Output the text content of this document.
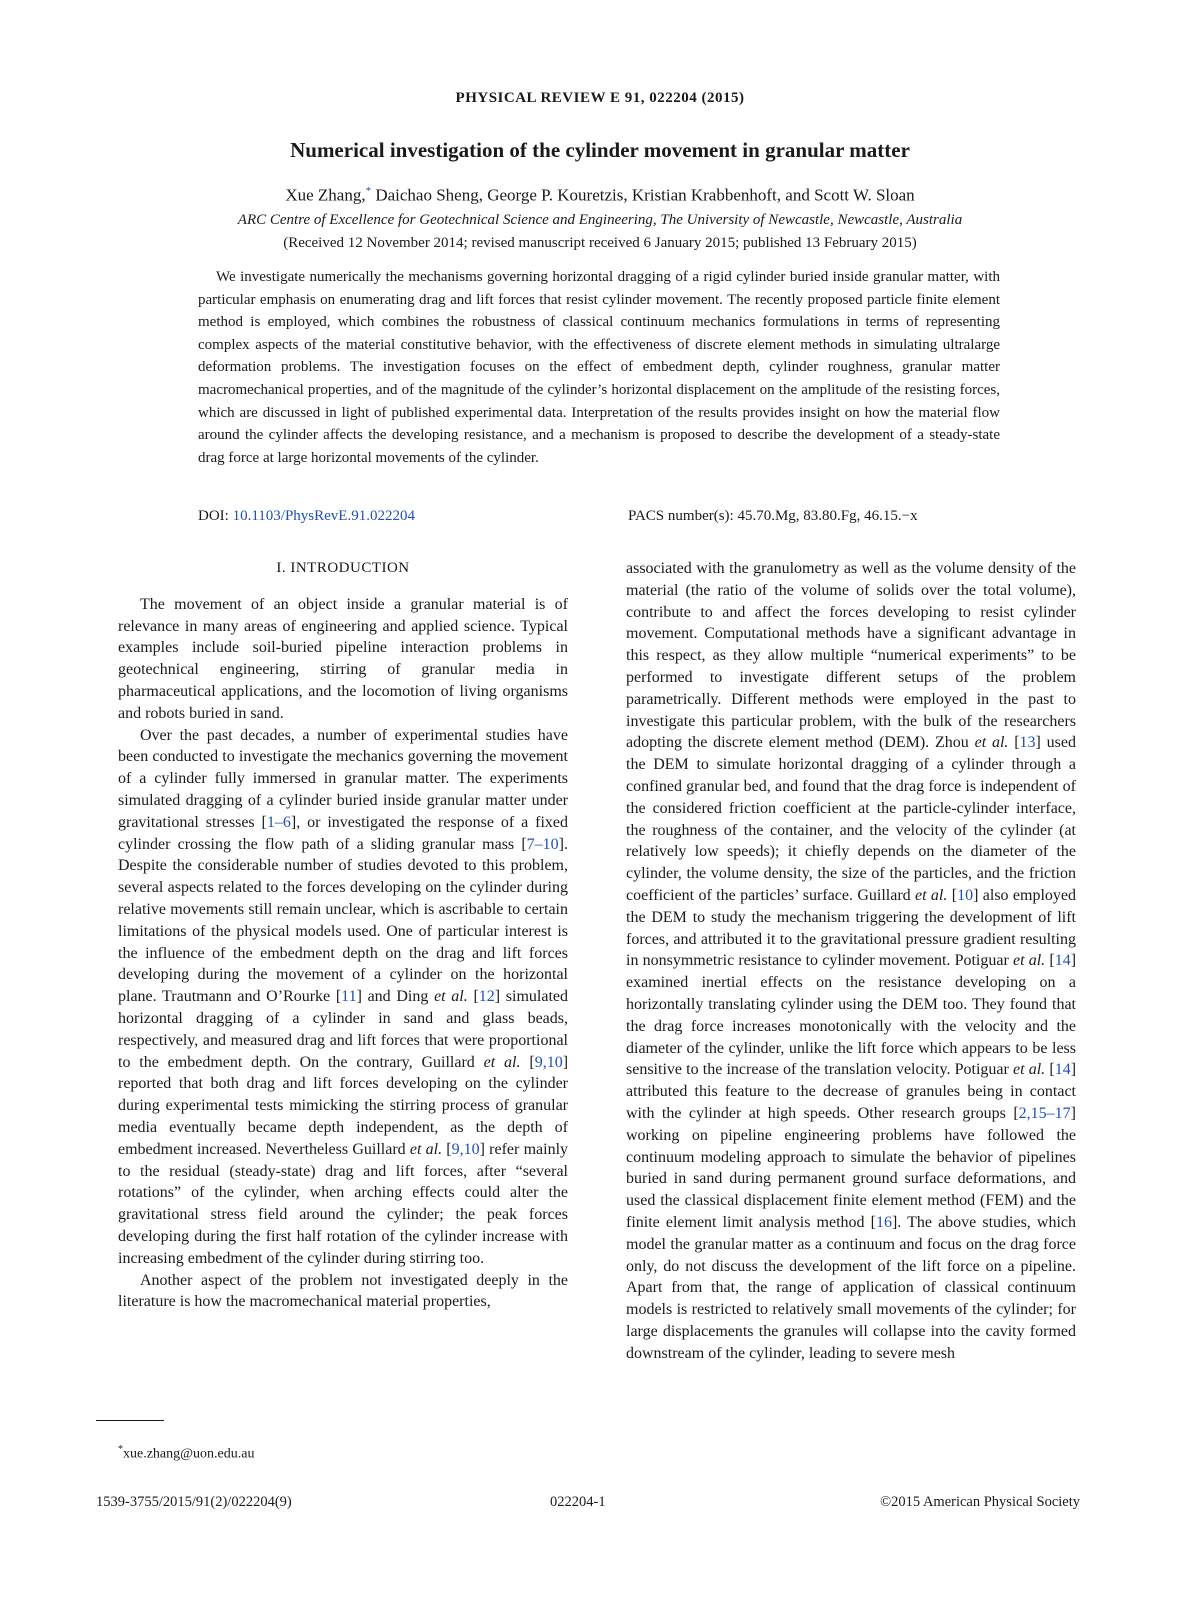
PHYSICAL REVIEW E 91, 022204 (2015)
Numerical investigation of the cylinder movement in granular matter
Xue Zhang,* Daichao Sheng, George P. Kouretzis, Kristian Krabbenhoft, and Scott W. Sloan
ARC Centre of Excellence for Geotechnical Science and Engineering, The University of Newcastle, Newcastle, Australia
(Received 12 November 2014; revised manuscript received 6 January 2015; published 13 February 2015)

We investigate numerically the mechanisms governing horizontal dragging of a rigid cylinder buried inside granular matter, with particular emphasis on enumerating drag and lift forces that resist cylinder movement. The recently proposed particle finite element method is employed, which combines the robustness of classical continuum mechanics formulations in terms of representing complex aspects of the material constitutive behavior, with the effectiveness of discrete element methods in simulating ultralarge deformation problems. The investigation focuses on the effect of embedment depth, cylinder roughness, granular matter macromechanical properties, and of the magnitude of the cylinder’s horizontal displacement on the amplitude of the resisting forces, which are discussed in light of published experimental data. Interpretation of the results provides insight on how the material flow around the cylinder affects the developing resistance, and a mechanism is proposed to describe the development of a steady-state drag force at large horizontal movements of the cylinder.

DOI: 10.1103/PhysRevE.91.022204	PACS number(s): 45.70.Mg, 83.80.Fg, 46.15.−x

I. INTRODUCTION

The movement of an object inside a granular material is of relevance in many areas of engineering and applied science. Typical examples include soil-buried pipeline interaction problems in geotechnical engineering, stirring of granular media in pharmaceutical applications, and the locomotion of living organisms and robots buried in sand.

Over the past decades, a number of experimental studies have been conducted to investigate the mechanics governing the movement of a cylinder fully immersed in granular matter. The experiments simulated dragging of a cylinder buried inside granular matter under gravitational stresses [1–6], or investigated the response of a fixed cylinder crossing the flow path of a sliding granular mass [7–10]. Despite the considerable number of studies devoted to this problem, several aspects related to the forces developing on the cylinder during relative movements still remain unclear, which is ascribable to certain limitations of the physical models used. One of particular interest is the influence of the embedment depth on the drag and lift forces developing during the movement of a cylinder on the horizontal plane. Trautmann and O’Rourke [11] and Ding et al. [12] simulated horizontal dragging of a cylinder in sand and glass beads, respectively, and measured drag and lift forces that were proportional to the embedment depth. On the contrary, Guillard et al. [9,10] reported that both drag and lift forces developing on the cylinder during experimental tests mimicking the stirring process of granular media eventually became depth independent, as the depth of embedment increased. Nevertheless Guillard et al. [9,10] refer mainly to the residual (steady-state) drag and lift forces, after “several rotations” of the cylinder, when arching effects could alter the gravitational stress field around the cylinder; the peak forces developing during the first half rotation of the cylinder increase with increasing embedment of the cylinder during stirring too.

Another aspect of the problem not investigated deeply in the literature is how the macromechanical material properties,

associated with the granulometry as well as the volume density of the material (the ratio of the volume of solids over the total volume), contribute to and affect the forces developing to resist cylinder movement. Computational methods have a significant advantage in this respect, as they allow multiple “numerical experiments” to be performed to investigate different setups of the problem parametrically. Different methods were employed in the past to investigate this particular problem, with the bulk of the researchers adopting the discrete element method (DEM). Zhou et al. [13] used the DEM to simulate horizontal dragging of a cylinder through a confined granular bed, and found that the drag force is independent of the considered friction coefficient at the particle-cylinder interface, the roughness of the container, and the velocity of the cylinder (at relatively low speeds); it chiefly depends on the diameter of the cylinder, the volume density, the size of the particles, and the friction coefficient of the particles’ surface. Guillard et al. [10] also employed the DEM to study the mechanism triggering the development of lift forces, and attributed it to the gravitational pressure gradient resulting in nonsymmetric resistance to cylinder movement. Potiguar et al. [14] examined inertial effects on the resistance developing on a horizontally translating cylinder using the DEM too. They found that the drag force increases monotonically with the velocity and the diameter of the cylinder, unlike the lift force which appears to be less sensitive to the increase of the translation velocity. Potiguar et al. [14] attributed this feature to the decrease of granules being in contact with the cylinder at high speeds. Other research groups [2,15–17] working on pipeline engineering problems have followed the continuum modeling approach to simulate the behavior of pipelines buried in sand during permanent ground surface deformations, and used the classical displacement finite element method (FEM) and the finite element limit analysis method [16]. The above studies, which model the granular matter as a continuum and focus on the drag force only, do not discuss the development of the lift force on a pipeline. Apart from that, the range of application of classical continuum models is restricted to relatively small movements of the cylinder; for large displacements the granules will collapse into the cavity formed downstream of the cylinder, leading to severe mesh

*xue.zhang@uon.edu.au
1539-3755/2015/91(2)/022204(9)	022204-1	©2015 American Physical Society
